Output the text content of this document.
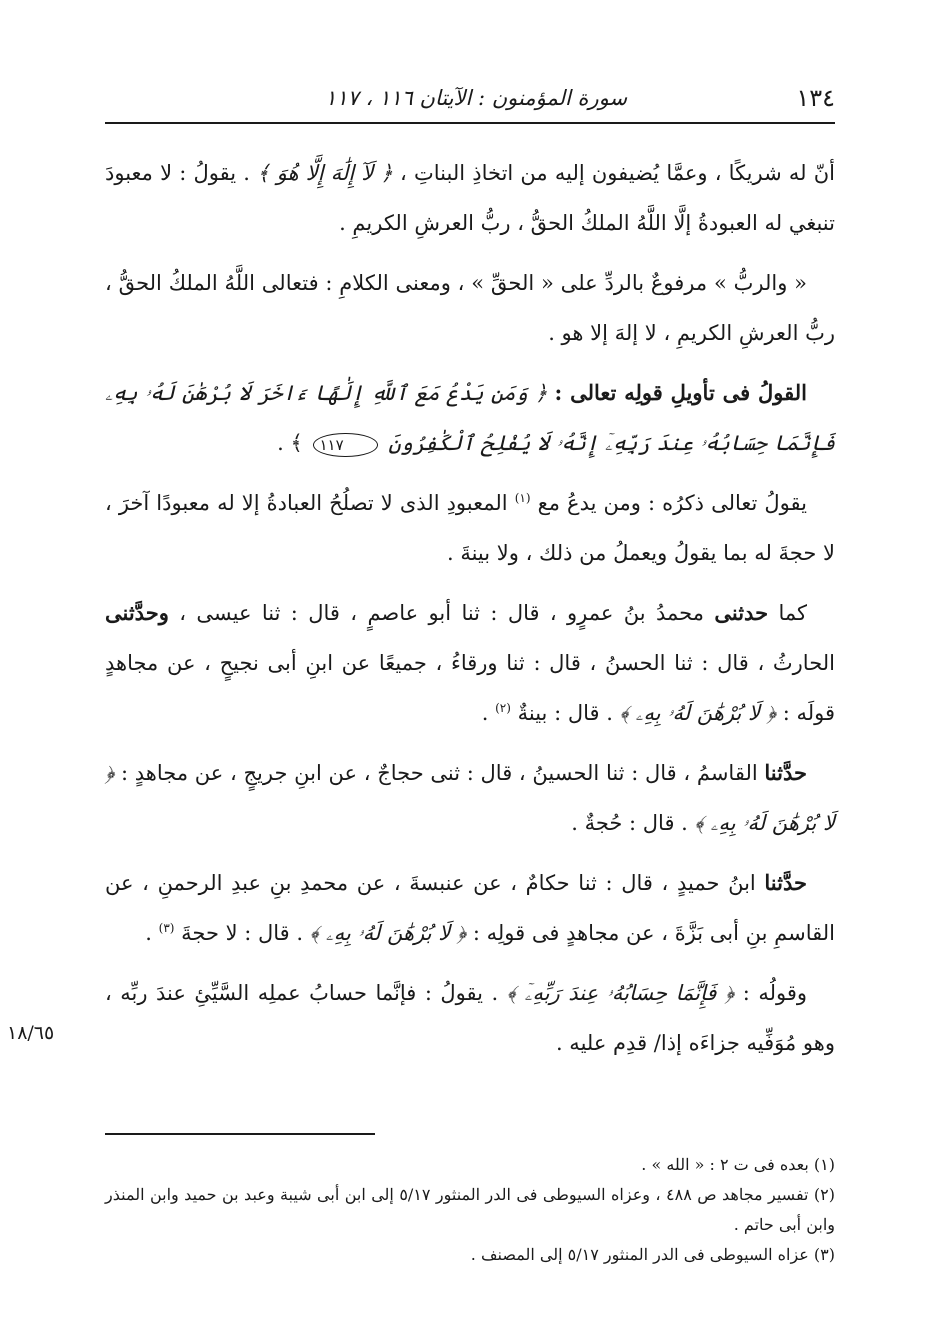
١٣٤
سورة المؤمنون : الآيتان ١١٦ ، ١١٧

أنّ له شريكًا ، وعمَّا يُضيفون إليه من اتخاذِ البناتِ ، ﴿ لَآ إِلَٰهَ إِلَّا هُوَ ﴾ . يقولُ : لا معبودَ تنبغي له العبودةُ إلَّا اللَّهُ الملكُ الحقُّ ، ربُّ العرشِ الكريمِ .

« والربُّ » مرفوعٌ بالردِّ على « الحقِّ » ، ومعنى الكلامِ : فتعالى اللَّهُ الملكُ الحقُّ ، ربُّ العرشِ الكريمِ ، لا إلهَ إلا هو .

القولُ فى تأويلِ قولِه تعالى : ﴿ وَمَن يَدْعُ مَعَ ٱللَّهِ إِلَٰهًا ءَاخَرَ لَا بُرْهَٰنَ لَهُۥ بِهِۦ فَإِنَّمَا حِسَابُهُۥ عِندَ رَبِّهِۦٓ إِنَّهُۥ لَا يُفْلِحُ ٱلْكَٰفِرُونَ ١١٧ ﴾ .

يقولُ تعالى ذكرُه : ومن يدعُ مع $^{(١)}$ المعبودِ الذى لا تصلُحُ العبادةُ إلا له معبودًا آخرَ ، لا حجةَ له بما يقولُ ويعملُ من ذلك ، ولا بينةَ .

كما حدثنى محمدُ بنُ عمرٍو ، قال : ثنا أبو عاصمٍ ، قال : ثنا عيسى ، وحدَّثنى الحارثُ ، قال : ثنا الحسنُ ، قال : ثنا ورقاءُ ، جميعًا عن ابنِ أبى نجيحٍ ، عن مجاهدٍ قولَه : ﴿ لَا بُرْهَٰنَ لَهُۥ بِهِۦ ﴾ . قال : بينةٌ $^{(٢)}$ .

حدَّثنا القاسمُ ، قال : ثنا الحسينُ ، قال : ثنى حجاجٌ ، عن ابنِ جريجٍ ، عن مجاهدٍ : ﴿ لَا بُرْهَٰنَ لَهُۥ بِهِۦ ﴾ . قال : حُجةٌ .

حدَّثنا ابنُ حميدٍ ، قال : ثنا حكامٌ ، عن عنبسةَ ، عن محمدِ بنِ عبدِ الرحمنِ ، عن القاسمِ بنِ أبى بَزَّةَ ، عن مجاهدٍ فى قولِه : ﴿ لَا بُرْهَٰنَ لَهُۥ بِهِۦ ﴾ . قال : لا حجةَ $^{(٣)}$ .

وقولُه : ﴿ فَإِنَّمَا حِسَابُهُۥ عِندَ رَبِّهِۦٓ ﴾ . يقولُ : فإنَّما حسابُ عملِه السَّيِّئِ عندَ ربِّه ، وهو مُوَفِّيه جزاءَه إذا/ قدِم عليه .
١٨/٦٥

(١) بعده فى ت ٢ : « الله » .

(٢) تفسير مجاهد ص ٤٨٨ ، وعزاه السيوطى فى الدر المنثور ٥/١٧ إلى ابن أبى شيبة وعبد بن حميد وابن المنذر وابن أبى حاتم .

(٣) عزاه السيوطى فى الدر المنثور ٥/١٧ إلى المصنف .
